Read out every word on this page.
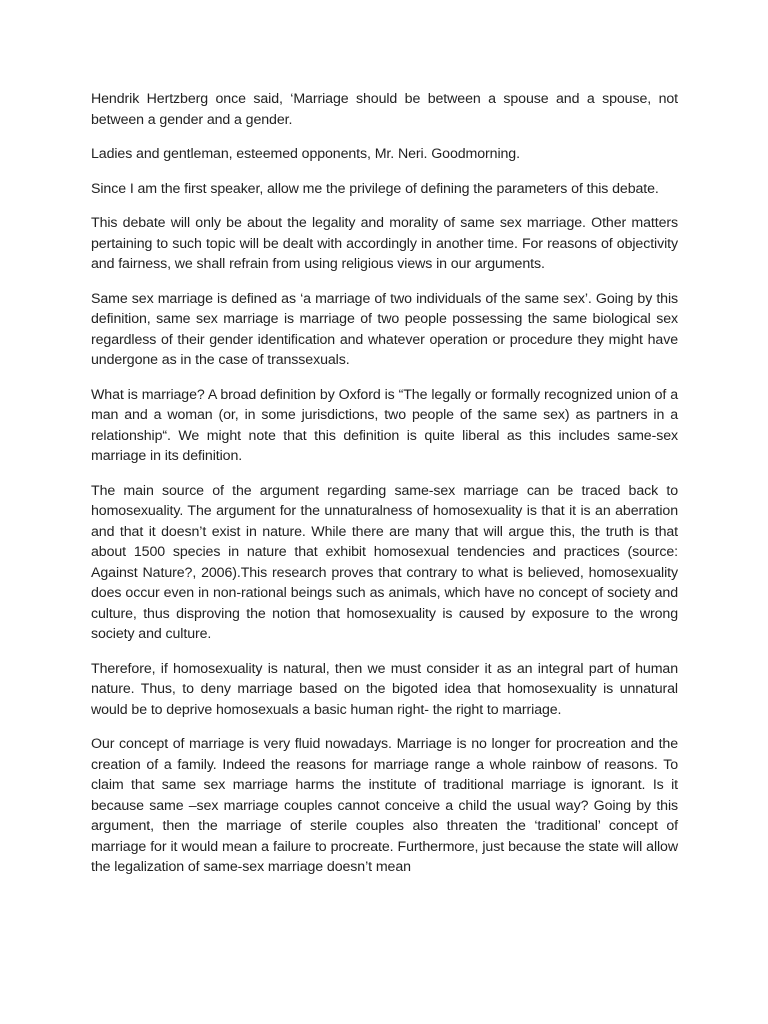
Hendrik Hertzberg once said, ‘Marriage should be between a spouse and a spouse, not between a gender and a gender.

Ladies and gentleman, esteemed opponents, Mr. Neri. Goodmorning.

Since I am the first speaker, allow me the privilege of defining the parameters of this debate.

This debate will only be about the legality and morality of same sex marriage. Other matters pertaining to such topic will be dealt with accordingly in another time. For reasons of objectivity and fairness, we shall refrain from using religious views in our arguments.

Same sex marriage is defined as ‘a marriage of two individuals of the same sex’. Going by this definition, same sex marriage is marriage of two people possessing the same biological sex regardless of their gender identification and whatever operation or procedure they might have undergone as in the case of transsexuals.

What is marriage? A broad definition by Oxford is “The legally or formally recognized union of a man and a woman (or, in some jurisdictions, two people of the same sex) as partners in a relationship“. We might note that this definition is quite liberal as this includes same-sex marriage in its definition.

The main source of the argument regarding same-sex marriage can be traced back to homosexuality. The argument for the unnaturalness of homosexuality is that it is an aberration and that it doesn’t exist in nature. While there are many that will argue this, the truth is that about 1500 species in nature that exhibit homosexual tendencies and practices (source: Against Nature?, 2006).This research proves that contrary to what is believed, homosexuality does occur even in non-rational beings such as animals, which have no concept of society and culture, thus disproving the notion that homosexuality is caused by exposure to the wrong society and culture.

Therefore, if homosexuality is natural, then we must consider it as an integral part of human nature. Thus, to deny marriage based on the bigoted idea that homosexuality is unnatural would be to deprive homosexuals a basic human right- the right to marriage.

Our concept of marriage is very fluid nowadays. Marriage is no longer for procreation and the creation of a family. Indeed the reasons for marriage range a whole rainbow of reasons. To claim that same sex marriage harms the institute of traditional marriage is ignorant. Is it because same –sex marriage couples cannot conceive a child the usual way? Going by this argument, then the marriage of sterile couples also threaten the ‘traditional’ concept of marriage for it would mean a failure to procreate. Furthermore, just because the state will allow the legalization of same-sex marriage doesn’t mean
